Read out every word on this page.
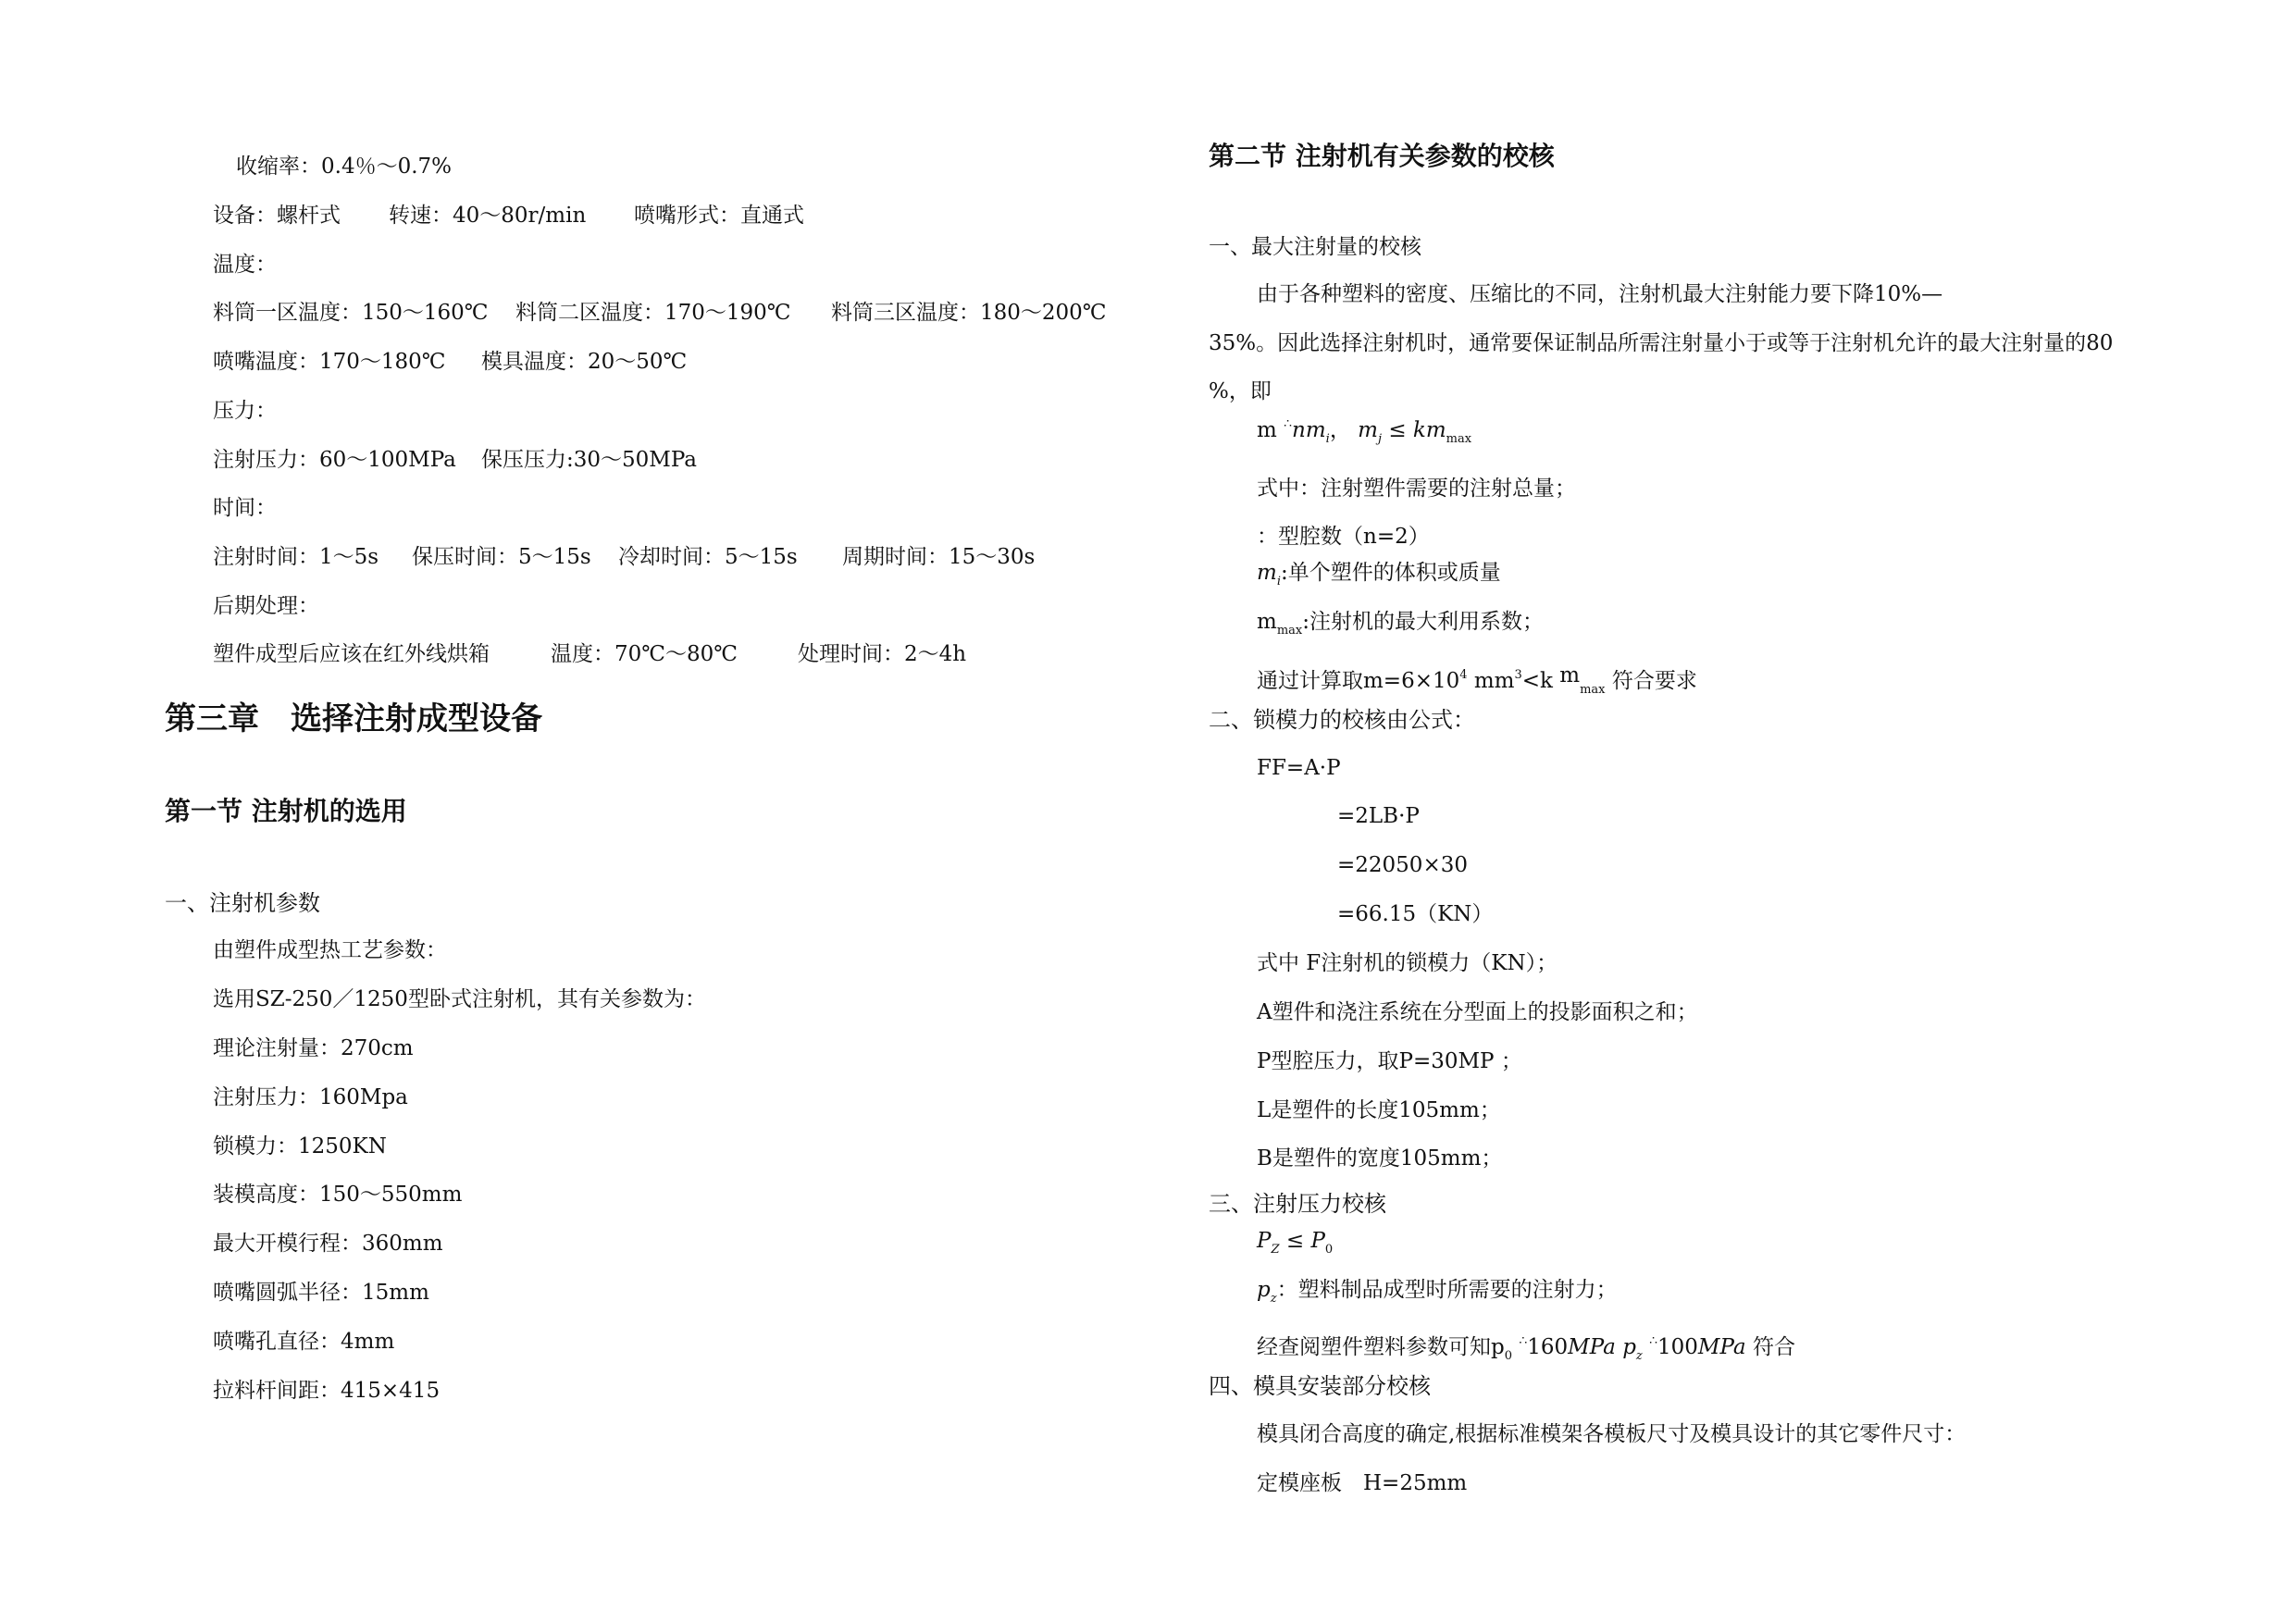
收缩率：0.4％～0.7%
设备：螺杆式 转速：40～80r/min 喷嘴形式：直通式
温度：
料筒一区温度：150～160℃ 料筒二区温度：170～190℃ 料筒三区温度：180～200℃
喷嘴温度：170～180℃ 模具温度：20～50℃
压力：
注射压力：60～100MPa 保压压力:30～50MPa
时间：
注射时间：1～5s 保压时间：5～15s 冷却时间：5～15s 周期时间：15～30s
后期处理：
塑件成型后应该在红外线烘箱	温度：70℃～80℃	处理时间：2～4h
第三章　选择注射成型设备
第一节 注射机的选用
一、注射机参数
由塑件成型热工艺参数：
选用SZ-250／1250型卧式注射机，其有关参数为：
理论注射量：270cm
注射压力：160Mpa
锁模力：1250KN
装模高度：150～550mm
最大开模行程：360mm
喷嘴圆弧半径：15mm
喷嘴孔直径：4mm
拉料杆间距：415×415
第二节 注射机有关参数的校核
一、最大注射量的校核
由于各种塑料的密度、压缩比的不同，注射机最大注射能力要下降10%—
35%。因此选择注射机时，通常要保证制品所需注射量小于或等于注射机允许的最大注射量的80
%，即
m $^\therefore nm_i$， $m_j \le km_{max}$
式中：注射塑件需要的注射总量；
：型腔数（n=2）
$m_i$:单个塑件的体积或质量
$m_{max}$:注射机的最大利用系数；
通过计算取$m=6\times 10^4$ $mm^3<k$ $m_{max}$ 符合要求
二、锁模力的校核由公式：
FF=A·P
=2LB·P
=22050×30
=66.15（KN）
式中 F注射机的锁模力（KN）；
A塑件和浇注系统在分型面上的投影面积之和；
P型腔压力，取P=30MP ；
L是塑件的长度105mm；
B是塑件的宽度105mm；
三、注射压力校核
$P_Z \le P_0$
$p_z$：塑料制品成型时所需要的注射力；
经查阅塑件塑料参数可知$p_0$ ∴160MPa $p_z$ ∴100MPa 符合
四、模具安装部分校核
模具闭合高度的确定,根据标准模架各模板尺寸及模具设计的其它零件尺寸：
定模座板　H=25mm
